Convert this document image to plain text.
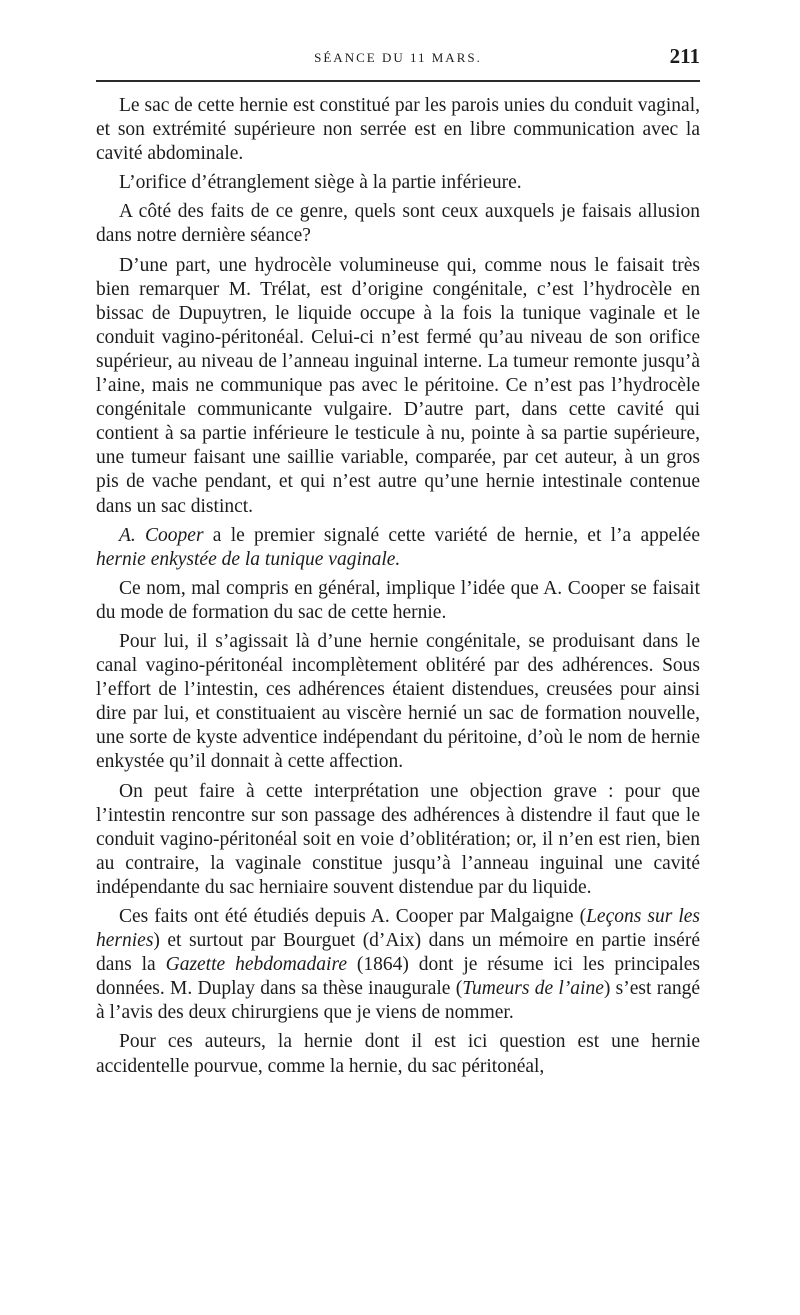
SÉANCE DU 11 MARS.	211

Le sac de cette hernie est constitué par les parois unies du conduit vaginal, et son extrémité supérieure non serrée est en libre communication avec la cavité abdominale.

L’orifice d’étranglement siège à la partie inférieure.

A côté des faits de ce genre, quels sont ceux auxquels je faisais allusion dans notre dernière séance?

D’une part, une hydrocèle volumineuse qui, comme nous le faisait très bien remarquer M. Trélat, est d’origine congénitale, c’est l’hydrocèle en bissac de Dupuytren, le liquide occupe à la fois la tunique vaginale et le conduit vagino-péritonéal. Celui-ci n’est fermé qu’au niveau de son orifice supérieur, au niveau de l’anneau inguinal interne. La tumeur remonte jusqu’à l’aine, mais ne communique pas avec le péritoine. Ce n’est pas l’hydrocèle congénitale communicante vulgaire. D’autre part, dans cette cavité qui contient à sa partie inférieure le testicule à nu, pointe à sa partie supérieure, une tumeur faisant une saillie variable, comparée, par cet auteur, à un gros pis de vache pendant, et qui n’est autre qu’une hernie intestinale contenue dans un sac distinct.

A. Cooper a le premier signalé cette variété de hernie, et l’a appelée hernie enkystée de la tunique vaginale.

Ce nom, mal compris en général, implique l’idée que A. Cooper se faisait du mode de formation du sac de cette hernie.

Pour lui, il s’agissait là d’une hernie congénitale, se produisant dans le canal vagino-péritonéal incomplètement oblitéré par des adhérences. Sous l’effort de l’intestin, ces adhérences étaient distendues, creusées pour ainsi dire par lui, et constituaient au viscère hernié un sac de formation nouvelle, une sorte de kyste adventice indépendant du péritoine, d’où le nom de hernie enkystée qu’il donnait à cette affection.

On peut faire à cette interprétation une objection grave : pour que l’intestin rencontre sur son passage des adhérences à distendre il faut que le conduit vagino-péritonéal soit en voie d’oblitération; or, il n’en est rien, bien au contraire, la vaginale constitue jusqu’à l’anneau inguinal une cavité indépendante du sac herniaire souvent distendue par du liquide.

Ces faits ont été étudiés depuis A. Cooper par Malgaigne (Leçons sur les hernies) et surtout par Bourguet (d’Aix) dans un mémoire en partie inséré dans la Gazette hebdomadaire (1864) dont je résume ici les principales données. M. Duplay dans sa thèse inaugurale (Tumeurs de l’aine) s’est rangé à l’avis des deux chirurgiens que je viens de nommer.

Pour ces auteurs, la hernie dont il est ici question est une hernie accidentelle pourvue, comme la hernie, du sac péritonéal,
